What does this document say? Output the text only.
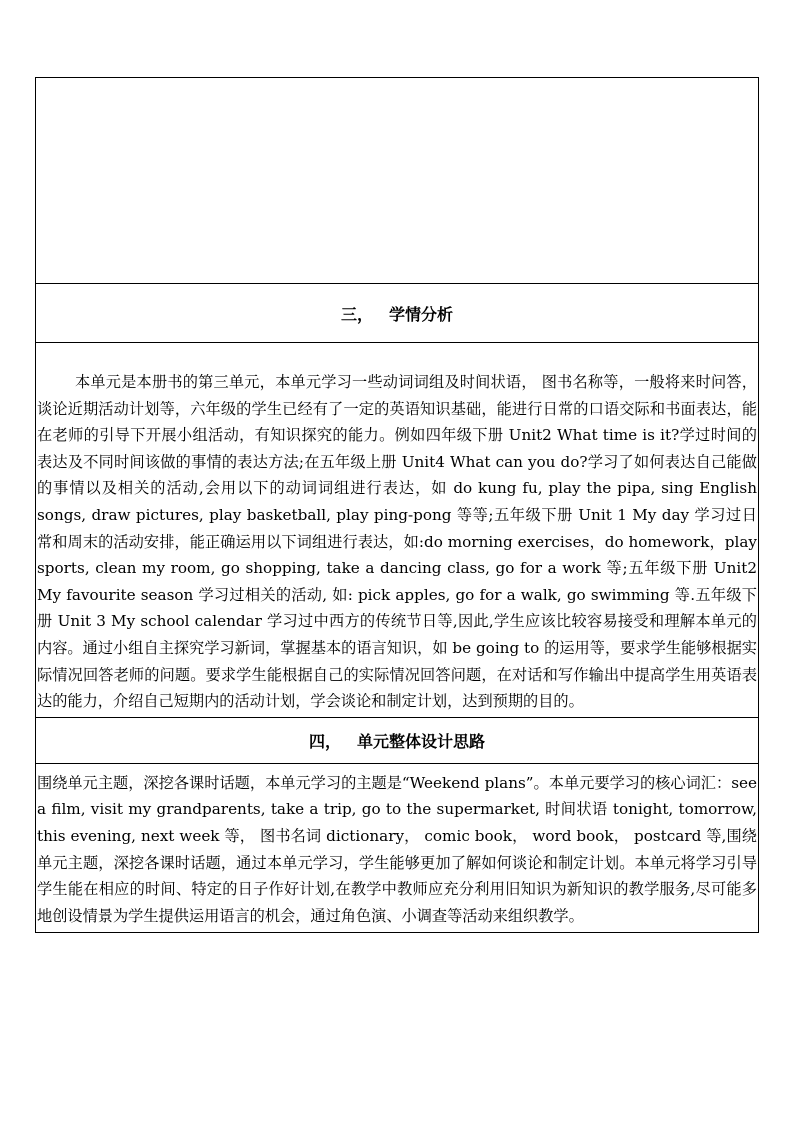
三， 学情分析
本单元是本册书的第三单元，本单元学习一些动词词组及时间状语， 图书名称等，一般将来时问答，谈论近期活动计划等，六年级的学生已经有了一定的英语知识基础，能进行日常的口语交际和书面表达，能在老师的引导下开展小组活动，有知识探究的能力。例如四年级下册 Unit2 What time is it?学过时间的表达及不同时间该做的事情的表达方法;在五年级上册 Unit4 What can you do?学习了如何表达自己能做的事情以及相关的活动,会用以下的动词词组进行表达，如 do kung fu, play the pipa, sing English songs, draw pictures, play basketball, play ping-pong 等等;五年级下册 Unit 1 My day 学习过日常和周末的活动安排，能正确运用以下词组进行表达，如:do morning exercises，do homework，play sports, clean my room, go shopping, take a dancing class, go for a work 等;五年级下册 Unit2 My favourite season 学习过相关的活动, 如: pick apples, go for a walk, go swimming 等.五年级下册 Unit 3 My school calendar 学习过中西方的传统节日等,因此,学生应该比较容易接受和理解本单元的内容。通过小组自主探究学习新词，掌握基本的语言知识，如 be going to 的运用等，要求学生能够根据实际情况回答老师的问题。要求学生能根据自己的实际情况回答问题，在对话和写作输出中提高学生用英语表达的能力，介绍自己短期内的活动计划，学会谈论和制定计划，达到预期的目的。
四， 单元整体设计思路
围绕单元主题，深挖各课时话题，本单元学习的主题是“Weekend plans”。本单元要学习的核心词汇：see a film, visit my grandparents, take a trip, go to the supermarket, 时间状语 tonight, tomorrow, this evening, next week 等， 图书名词 dictionary， comic book， word book， postcard 等,围绕单元主题，深挖各课时话题，通过本单元学习，学生能够更加了解如何谈论和制定计划。本单元将学习引导学生能在相应的时间、特定的日子作好计划,在教学中教师应充分利用旧知识为新知识的教学服务,尽可能多地创设情景为学生提供运用语言的机会，通过角色演、小调查等活动来组织教学。
